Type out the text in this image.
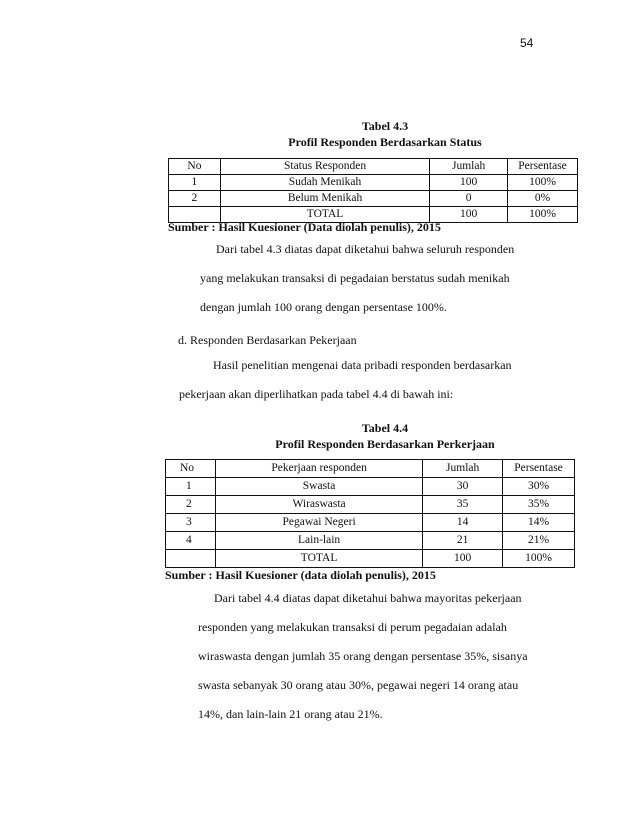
54
Tabel 4.3
Profil Responden Berdasarkan Status
No	Status Responden	Jumlah	Persentase
1	Sudah Menikah	100	100%
2	Belum Menikah	0	0%
	TOTAL	100	100%
Sumber : Hasil Kuesioner (Data diolah penulis), 2015
Dari tabel 4.3 diatas dapat diketahui bahwa seluruh responden
yang melakukan transaksi di pegadaian berstatus sudah menikah
dengan jumlah 100 orang dengan persentase 100%.
d. Responden Berdasarkan Pekerjaan
Hasil penelitian mengenai data pribadi responden berdasarkan
pekerjaan akan diperlihatkan pada tabel 4.4 di bawah ini:
Tabel 4.4
Profil Responden Berdasarkan Perkerjaan
No	Pekerjaan responden	Jumlah	Persentase
1	Swasta	30	30%
2	Wiraswasta	35	35%
3	Pegawai Negeri	14	14%
4	Lain-lain	21	21%
	TOTAL	100	100%
Sumber : Hasil Kuesioner (data diolah penulis), 2015
Dari tabel 4.4 diatas dapat diketahui bahwa mayoritas pekerjaan
responden yang melakukan transaksi di perum pegadaian adalah
wiraswasta dengan jumlah 35 orang dengan persentase 35%, sisanya
swasta sebanyak 30 orang atau 30%, pegawai negeri 14 orang atau
14%, dan lain-lain 21 orang atau 21%.
